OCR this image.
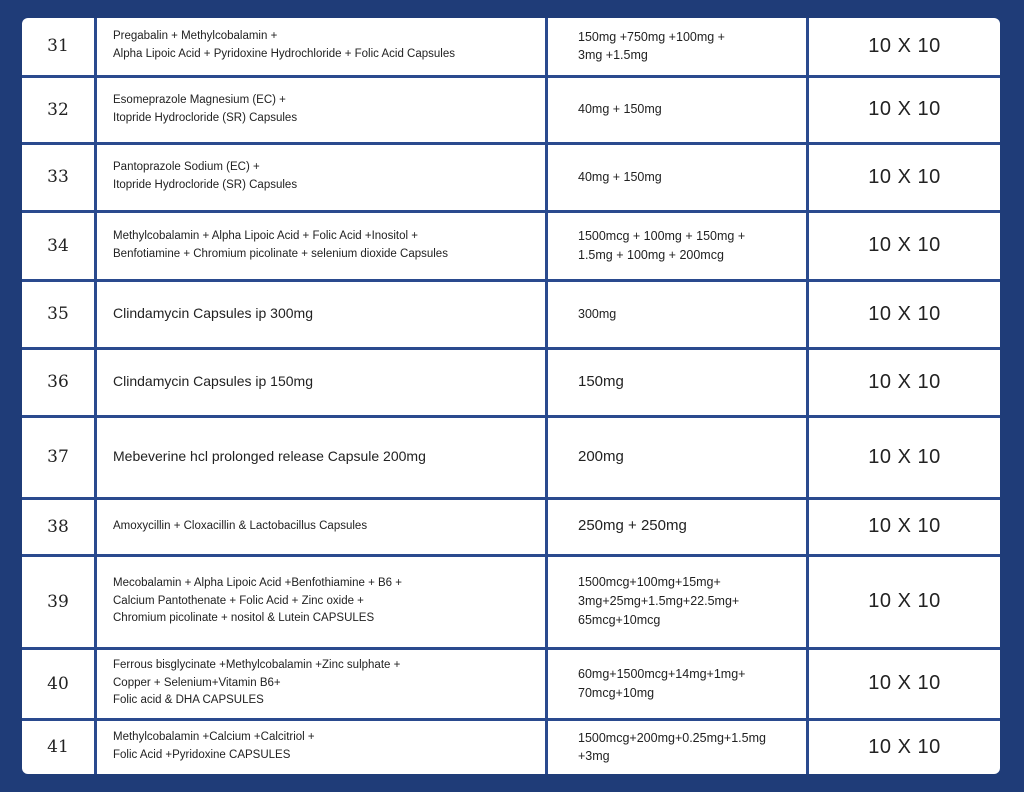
31	Pregabalin + Methylcobalamin +
Alpha Lipoic Acid + Pyridoxine Hydrochloride + Folic Acid Capsules	150mg +750mg +100mg +
3mg +1.5mg	10 X 10
32	Esomeprazole Magnesium (EC) +
Itopride Hydrocloride (SR) Capsules	40mg + 150mg	10 X 10
33	Pantoprazole Sodium (EC) +
Itopride Hydrocloride (SR) Capsules	40mg + 150mg	10 X 10
34	Methylcobalamin + Alpha Lipoic Acid + Folic Acid +Inositol +
Benfotiamine + Chromium picolinate + selenium dioxide Capsules	1500mcg + 100mg + 150mg +
1.5mg + 100mg + 200mcg	10 X 10
35	Clindamycin Capsules ip 300mg	300mg	10 X 10
36	Clindamycin Capsules ip 150mg	150mg	10 X 10
37	Mebeverine hcl prolonged release Capsule 200mg	200mg	10 X 10
38	Amoxycillin + Cloxacillin & Lactobacillus Capsules	250mg + 250mg	10 X 10
39	Mecobalamin + Alpha Lipoic Acid +Benfothiamine + B6 +
Calcium Pantothenate + Folic Acid + Zinc oxide +
Chromium picolinate + nositol & Lutein CAPSULES	1500mcg+100mg+15mg+
3mg+25mg+1.5mg+22.5mg+
65mcg+10mcg	10 X 10
40	Ferrous bisglycinate +Methylcobalamin +Zinc sulphate +
Copper + Selenium+Vitamin B6+
Folic acid & DHA CAPSULES	60mg+1500mcg+14mg+1mg+
70mcg+10mg	10 X 10
41	Methylcobalamin +Calcium +Calcitriol +
Folic Acid +Pyridoxine CAPSULES	1500mcg+200mg+0.25mg+1.5mg
+3mg	10 X 10
